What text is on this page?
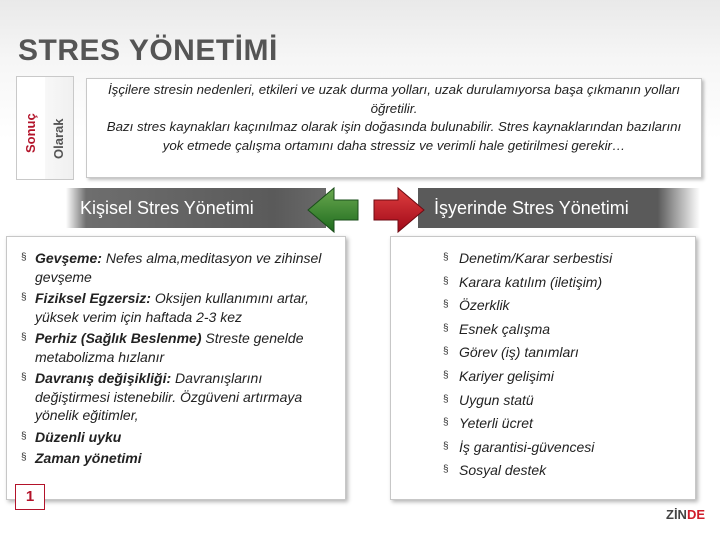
STRES YÖNETİMİ
Sonuç Olarak

İşçilere stresin nedenleri, etkileri ve uzak durma yolları, uzak durulamıyorsa başa çıkmanın yolları öğretilir.

Bazı stres kaynakları kaçınılmaz olarak işin doğasında bulunabilir. Stres kaynaklarından bazılarını yok etmede çalışma ortamını daha stressiz ve verimli hale getirilmesi gerekir…

Kişisel Stres Yönetimi	İşyerinde Stres Yönetimi
§ Gevşeme: Nefes alma,meditasyon ve zihinsel gevşeme
§ Fiziksel Egzersiz: Oksijen kullanımını artar, yüksek verim için haftada 2-3 kez
§ Perhiz (Sağlık Beslenme) Streste genelde metabolizma hızlanır
§ Davranış değişikliği: Davranışlarını değiştirmesi istenebilir. Özgüveni artırmaya yönelik eğitimler,
§ Düzenli uyku
§ Zaman yönetimi
§ Denetim/Karar serbestisi
§ Karara katılım (iletişim)
§ Özerklik
§ Esnek çalışma
§ Görev (iş) tanımları
§ Kariyer gelişimi
§ Uygun statü
§ Yeterli ücret
§ İş garantisi-güvencesi
§ Sosyal destek
1
ZİNDE
